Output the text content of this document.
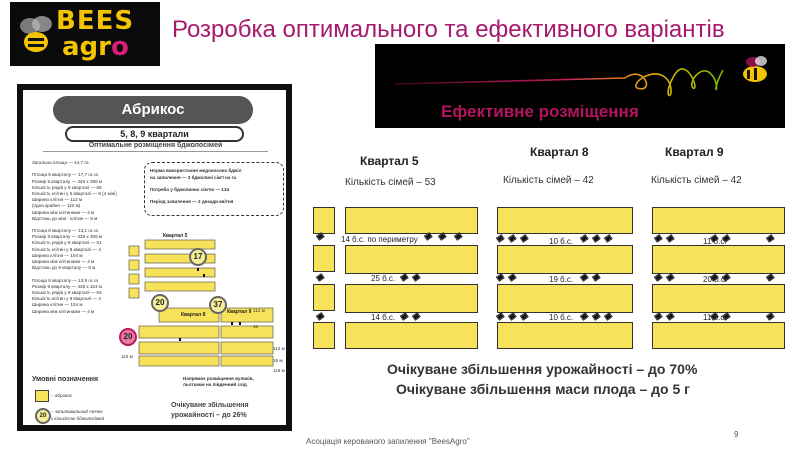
BEES
agro
Розробка оптимального та ефективного варіантів
Ефективне розміщення
Абрикос
5, 8, 9 квартали
Оптимальне розміщення бджолосімей
Загальна площа — 44,7 га
Площа 5 кварталу — 17,7 га га
Розмір 5 кварталу — 448 х 396 м
Кількість рядів у 5 кварталі — 66
Кількість клітин у 5 кварталі — 8 (4 міні)
Ширина клітин — 112 м
(одна крайня — 110 м)
Ширина між клітинами — 4 м
Відстань до міні - клітин — 8 м
Площа 8 кварталу — 13,1 га га
Розмір 8 кварталу — 428 х 306 м
Кількість рядів у 8 кварталі — 51
Кількість клітин у 8 кварталі — 4
Ширина клітин — 104 м
Ширина між клітинами — 4 м
Відстань до 9 кварталу — 8 м
Площа 9 кварталу — 13,9 га га
Розмір 9 кварталу — 428 х 324 м
Кількість рядів у 9 кварталі — 54
Кількість клітин у 9 кварталі — 4
Ширина клітин — 104 м
Ширина між клітинами — 4 м
Норма використання медоносних бджіл
на запилення — 3 бджолині сім'ї на га
Потреба у бджолиних сім'ях — 134
Період запилення — 2 декади квітня
Квартал 5
Квартал 8	Квартал 9
17
20	37
20
112 м
16
112 м
16 м
110 м
116 м
Умовні позначення
– абрикос
20
– запилювальний точок
з кількістю бджолосімей
Напрямок розміщення вуликів,
льотками на південний схід
Очікуване збільшення
урожайності – до 26%
Квартал 5
Кількість сімей – 53
Квартал 8
Кількість сімей – 42
Квартал 9
Кількість сімей – 42
14 б.с. по периметру
25 б.с.
14 б.с.
10 б.с.
19 б.с.
10 б.с.
11 б.с.
20 б.с.
11 б.с.
Очікуване збільшення урожайності – до 70%
Очікуване збільшення маси плода – до 5 г
Асоціація керованого запилення "BeesAgro"
9
